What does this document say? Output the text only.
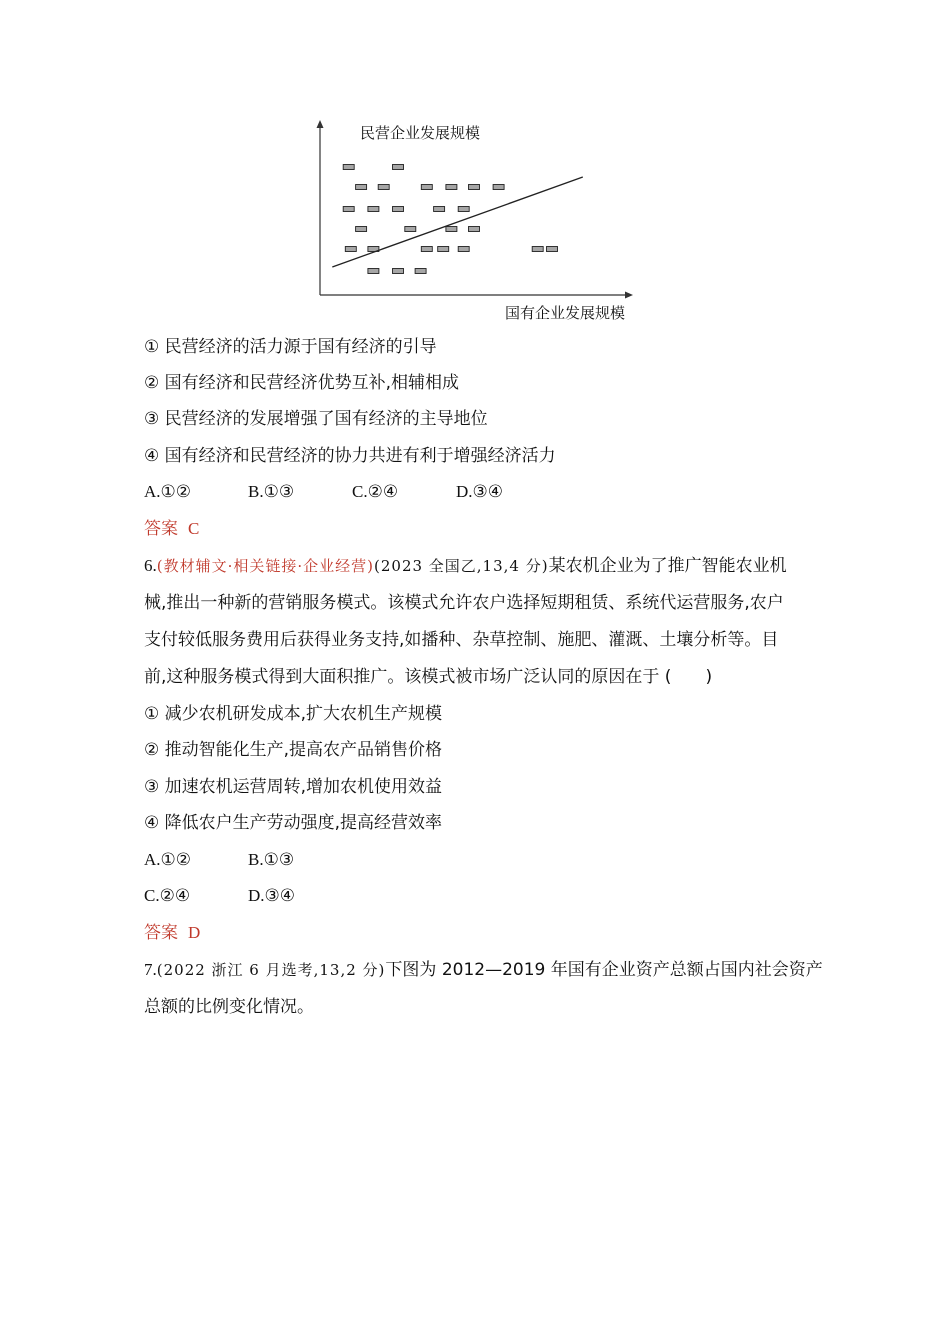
民营企业发展规模
国有企业发展规模
① 民营经济的活力源于国有经济的引导
② 国有经济和民营经济优势互补,相辅相成
③ 民营经济的发展增强了国有经济的主导地位
④ 国有经济和民营经济的协力共进有利于增强经济活力
A.①②	B.①③	C.②④	D.③④
答案 C
6.(教材辅文·相关链接·企业经营)(2023 全国乙,13,4 分)某农机企业为了推广智能农业机
械,推出一种新的营销服务模式。该模式允许农户选择短期租赁、系统代运营服务,农户
支付较低服务费用后获得业务支持,如播种、杂草控制、施肥、灌溉、土壤分析等。目
前,这种服务模式得到大面积推广。该模式被市场广泛认同的原因在于 (　　)
① 减少农机研发成本,扩大农机生产规模
② 推动智能化生产,提高农产品销售价格
③ 加速农机运营周转,增加农机使用效益
④ 降低农户生产劳动强度,提高经营效率
A.①②	B.①③
C.②④	D.③④
答案 D
7.(2022 浙江 6 月选考,13,2 分)下图为 2012—2019 年国有企业资产总额占国内社会资产
总额的比例变化情况。
